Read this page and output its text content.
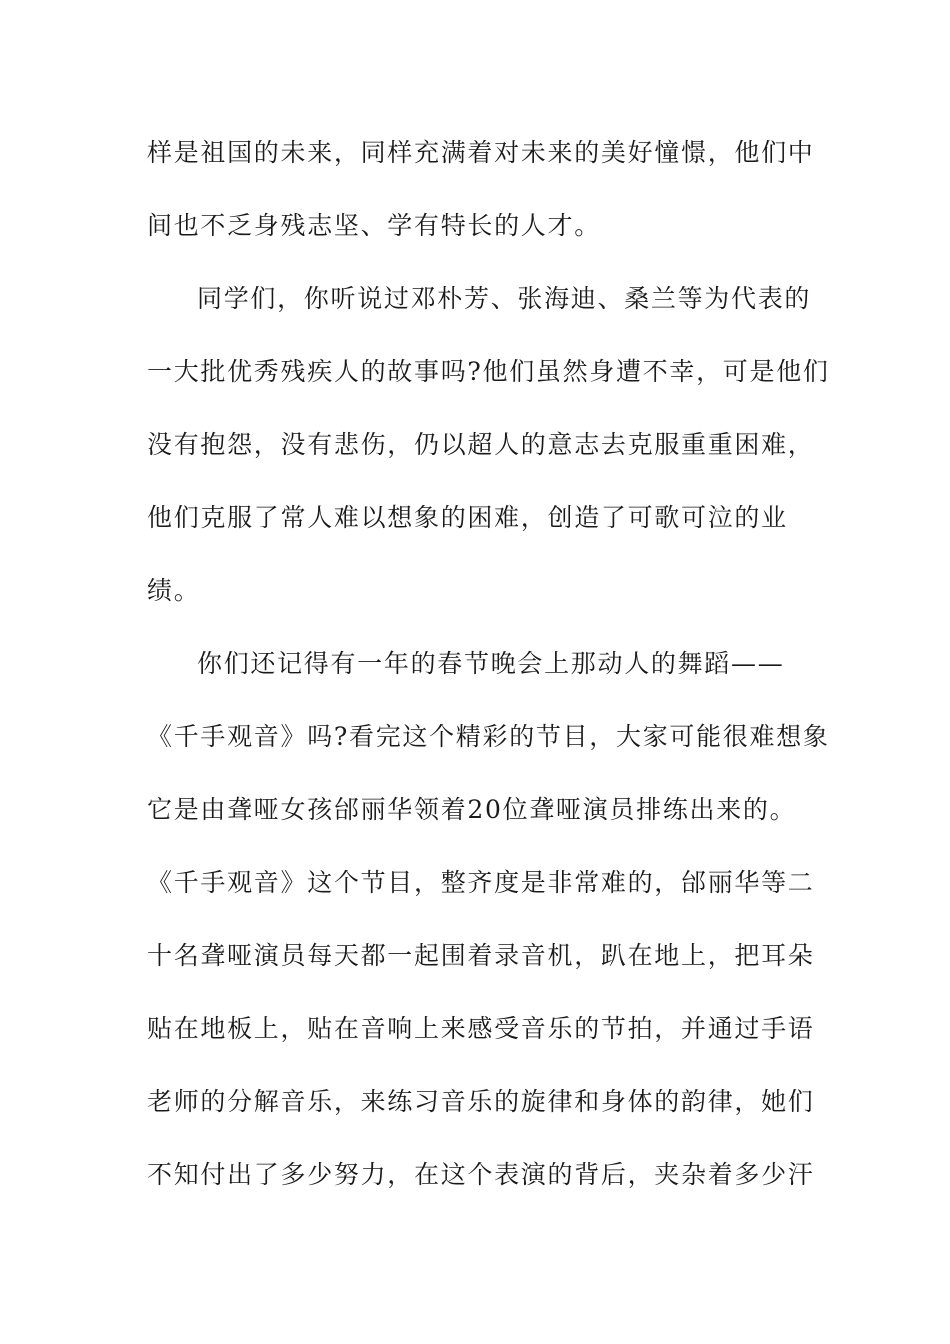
样是祖国的未来，同样充满着对未来的美好憧憬，他们中
间也不乏身残志坚、学有特长的人才。
同学们，你听说过邓朴芳、张海迪、桑兰等为代表的
一大批优秀残疾人的故事吗?他们虽然身遭不幸，可是他们
没有抱怨，没有悲伤，仍以超人的意志去克服重重困难，
他们克服了常人难以想象的困难，创造了可歌可泣的业
绩。
你们还记得有一年的春节晚会上那动人的舞蹈——
《千手观音》吗?看完这个精彩的节目，大家可能很难想象
它是由聋哑女孩邰丽华领着20位聋哑演员排练出来的。
《千手观音》这个节目，整齐度是非常难的，邰丽华等二
十名聋哑演员每天都一起围着录音机，趴在地上，把耳朵
贴在地板上，贴在音响上来感受音乐的节拍，并通过手语
老师的分解音乐，来练习音乐的旋律和身体的韵律，她们
不知付出了多少努力，在这个表演的背后，夹杂着多少汗
